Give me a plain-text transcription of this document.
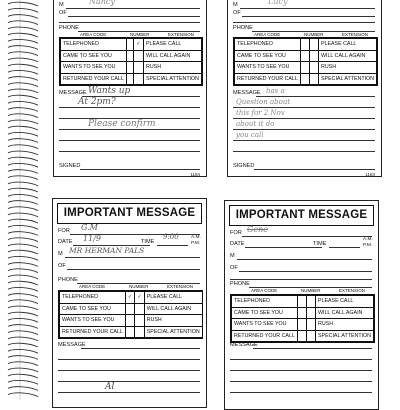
M	Nancy
OF
PHONE
AREA CODE	NUMBER	EXTENSION
TELEPHONED		✓	PLEASE CALL
CAME TO SEE YOU			WILL CALL AGAIN
WANTS TO SEE YOU			RUSH
RETURNED YOUR CALL			SPECIAL ATTENTION
MESSAGE Wants up
At 2pm?
Please confirm
SIGNED
1184
M	Lucy
OF
PHONE
AREA CODE	NUMBER	EXTENSION
TELEPHONED			PLEASE CALL
CAME TO SEE YOU			WILL CALL AGAIN
WANTS TO SEE YOU			RUSH
RETURNED YOUR CALL			SPECIAL ATTENTION
MESSAGE has a
Question about
this for 2 Nov
about it do
you call
SIGNED
1184
IMPORTANT MESSAGE
FOR G.M
DATE 11/9	TIME
9:00	A.M.
P.M.
M MR HERMAN PALS
OF
PHONE
AREA CODE	NUMBER	EXTENSION
TELEPHONED	✓	✓	PLEASE CALL
CAME TO SEE YOU			WILL CALL AGAIN
WANTS TO SEE YOU			RUSH
RETURNED YOUR CALL			SPECIAL ATTENTION
MESSAGE
Al
IMPORTANT MESSAGE
FOR Gene
DATE	TIME
A.M.
P.M.
M
OF
PHONE
AREA CODE	NUMBER	EXTENSION
TELEPHONED			PLEASE CALL
CAME TO SEE YOU			WILL CALL AGAIN
WANTS TO SEE YOU			RUSH
RETURNED YOUR CALL			SPECIAL ATTENTION
MESSAGE
